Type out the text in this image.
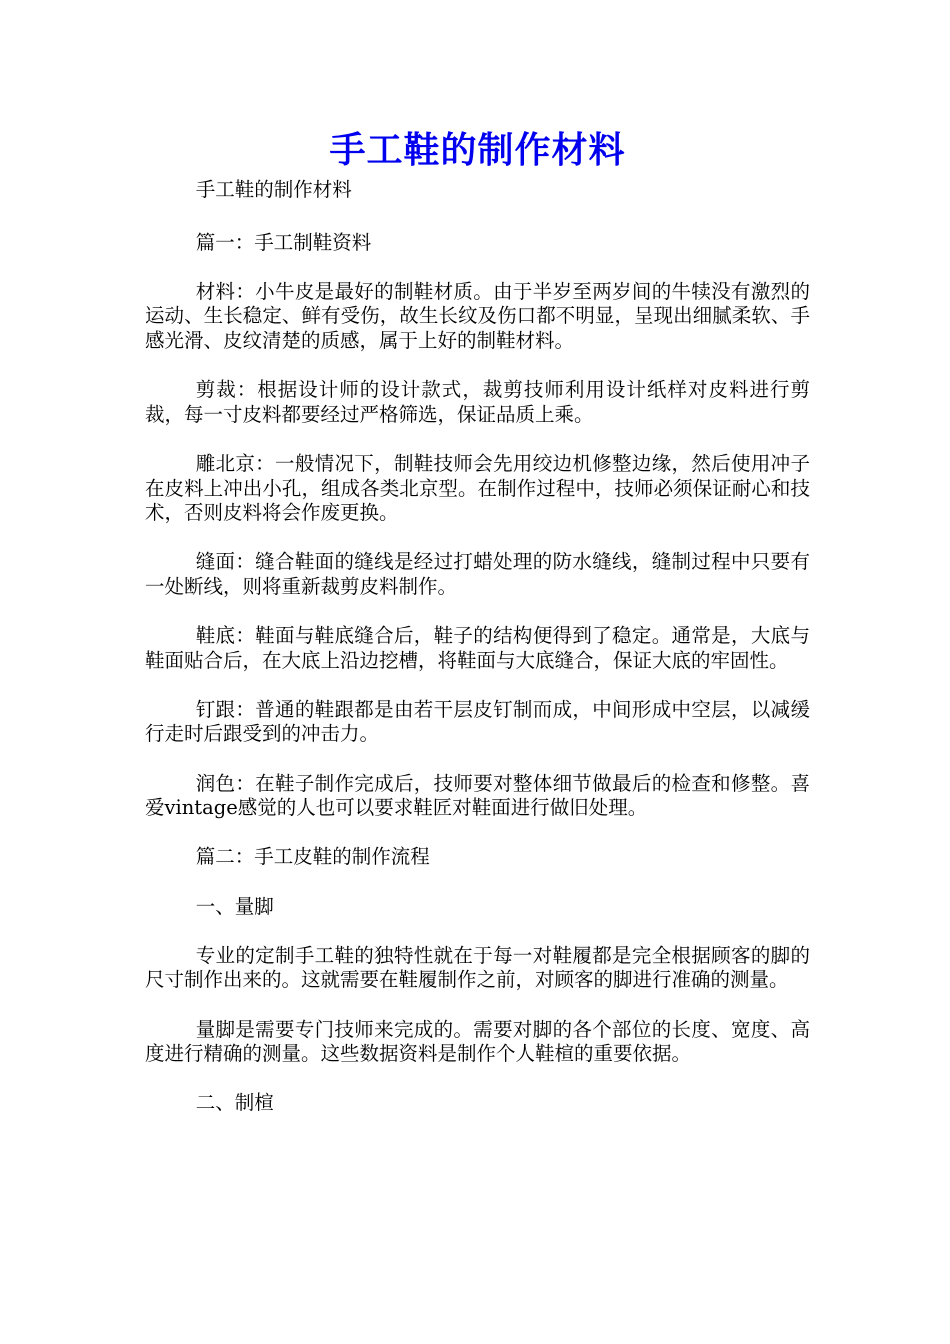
手工鞋的制作材料

手工鞋的制作材料

篇一：手工制鞋资料

材料：小牛皮是最好的制鞋材质。由于半岁至两岁间的牛犊没有激烈的运动、生长稳定、鲜有受伤，故生长纹及伤口都不明显，呈现出细腻柔软、手感光滑、皮纹清楚的质感，属于上好的制鞋材料。

剪裁：根据设计师的设计款式，裁剪技师利用设计纸样对皮料进行剪裁，每一寸皮料都要经过严格筛选，保证品质上乘。

雕北京：一般情况下，制鞋技师会先用绞边机修整边缘，然后使用冲子在皮料上冲出小孔，组成各类北京型。在制作过程中，技师必须保证耐心和技术，否则皮料将会作废更换。

缝面：缝合鞋面的缝线是经过打蜡处理的防水缝线，缝制过程中只要有一处断线，则将重新裁剪皮料制作。

鞋底：鞋面与鞋底缝合后，鞋子的结构便得到了稳定。通常是，大底与鞋面贴合后，在大底上沿边挖槽，将鞋面与大底缝合，保证大底的牢固性。

钉跟：普通的鞋跟都是由若干层皮钉制而成，中间形成中空层，以减缓行走时后跟受到的冲击力。

润色：在鞋子制作完成后，技师要对整体细节做最后的检查和修整。喜爱vintage感觉的人也可以要求鞋匠对鞋面进行做旧处理。

篇二：手工皮鞋的制作流程

一、量脚

专业的定制手工鞋的独特性就在于每一对鞋履都是完全根据顾客的脚的尺寸制作出来的。这就需要在鞋履制作之前，对顾客的脚进行准确的测量。

量脚是需要专门技师来完成的。需要对脚的各个部位的长度、宽度、高度进行精确的测量。这些数据资料是制作个人鞋楦的重要依据。

二、制楦
